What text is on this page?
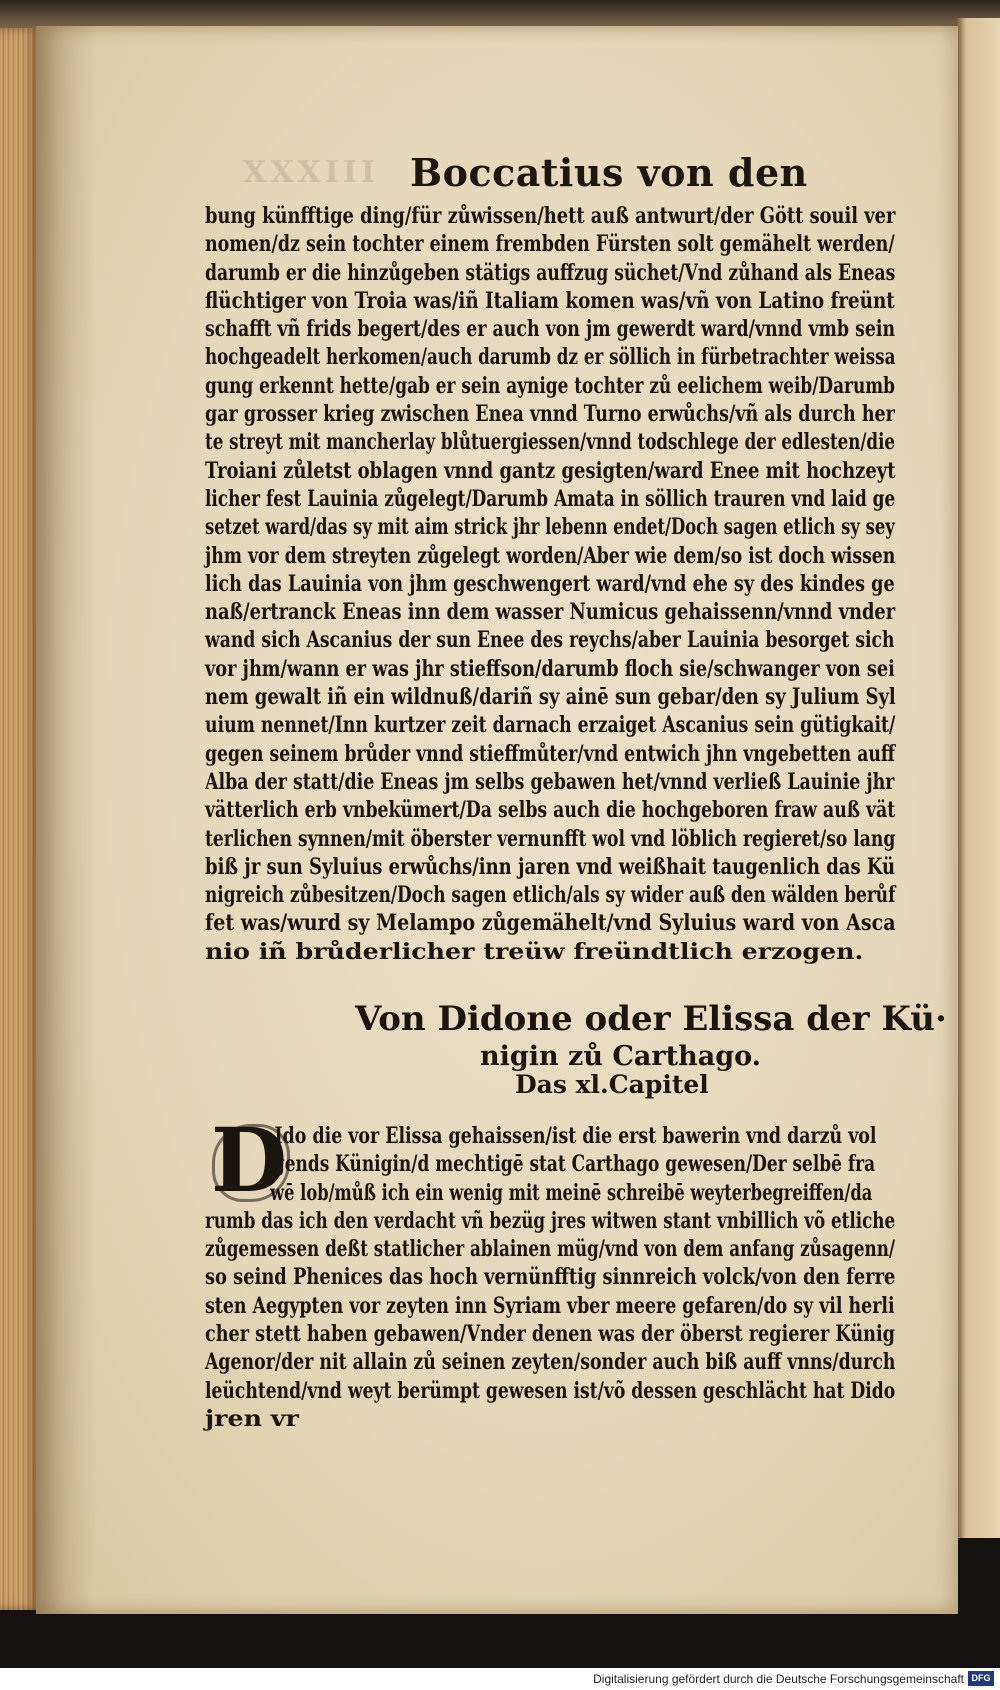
XXXIII Boccatius von den
bung künfftige ding/für zůwissen/hett auß antwurt/der Gött souil ver
nomen/dz sein tochter einem frembden Fürsten solt gemähelt werden/
darumb er die hinzůgeben stätigs auffzug süchet/Vnd zůhand als Eneas
flüchtiger von Troia was/iñ Italiam komen was/vñ von Latino freünt
schafft vñ frids begert/des er auch von jm gewerdt ward/vnnd vmb sein
hochgeadelt herkomen/auch darumb dz er söllich in fürbetrachter weissa
gung erkennt hette/gab er sein aynige tochter zů eelichem weib/Darumb
gar grosser krieg zwischen Enea vnnd Turno erwůchs/vñ als durch her
te streyt mit mancherlay blůtuergiessen/vnnd todschlege der edlesten/die
Troiani zůletst oblagen vnnd gantz gesigten/ward Enee mit hochzeyt
licher fest Lauinia zůgelegt/Darumb Amata in söllich trauren vnd laid ge
setzet ward/das sy mit aim strick jhr lebenn endet/Doch sagen etlich sy sey
jhm vor dem streyten zůgelegt worden/Aber wie dem/so ist doch wissen
lich das Lauinia von jhm geschwengert ward/vnd ehe sy des kindes ge
naß/ertranck Eneas inn dem wasser Numicus gehaissenn/vnnd vnder
wand sich Ascanius der sun Enee des reychs/aber Lauinia besorget sich
vor jhm/wann er was jhr stieffson/darumb floch sie/schwanger von sei
nem gewalt iñ ein wildnuß/dariñ sy ainē sun gebar/den sy Julium Syl
uium nennet/Inn kurtzer zeit darnach erzaiget Ascanius sein gütigkait/
gegen seinem brůder vnnd stieffmůter/vnd entwich jhn vngebetten auff
Alba der statt/die Eneas jm selbs gebawen het/vnnd verließ Lauinie jhr
vätterlich erb vnbekümert/Da selbs auch die hochgeboren fraw auß vät
terlichen synnen/mit öberster vernunfft wol vnd löblich regieret/so lang
biß jr sun Syluius erwůchs/inn jaren vnd weißhait taugenlich das Kü
nigreich zůbesitzen/Doch sagen etlich/als sy wider auß den wälden berůf
fet was/wurd sy Melampo zůgemähelt/vnd Syluius ward von Asca
nio iñ brůderlicher treüw freündtlich erzogen.
Von Didone oder Elissa der Kü·
nigin zů Carthago.
Das xl.Capitel
D
Ido die vor Elissa gehaissen/ist die erst bawerin vnd darzů vol
gends Künigin/d mechtigē stat Carthago gewesen/Der selbē fra
wē lob/můß ich ein wenig mit meinē schreibē weyterbegreiffen/da
rumb das ich den verdacht vñ bezüg jres witwen stant vnbillich võ etliche
zůgemessen deßt statlicher ablainen müg/vnd von dem anfang zůsagenn/
so seind Phenices das hoch vernünfftig sinnreich volck/von den ferre
sten Aegypten vor zeyten inn Syriam vber meere gefaren/do sy vil herli
cher stett haben gebawen/Vnder denen was der öberst regierer Künig
Agenor/der nit allain zů seinen zeyten/sonder auch biß auff vnns/durch
leüchtend/vnd weyt berümpt gewesen ist/võ dessen geschlächt hat Dido
jren vr
Digitalisierung gefördert durch die Deutsche Forschungsgemeinschaft DFG
